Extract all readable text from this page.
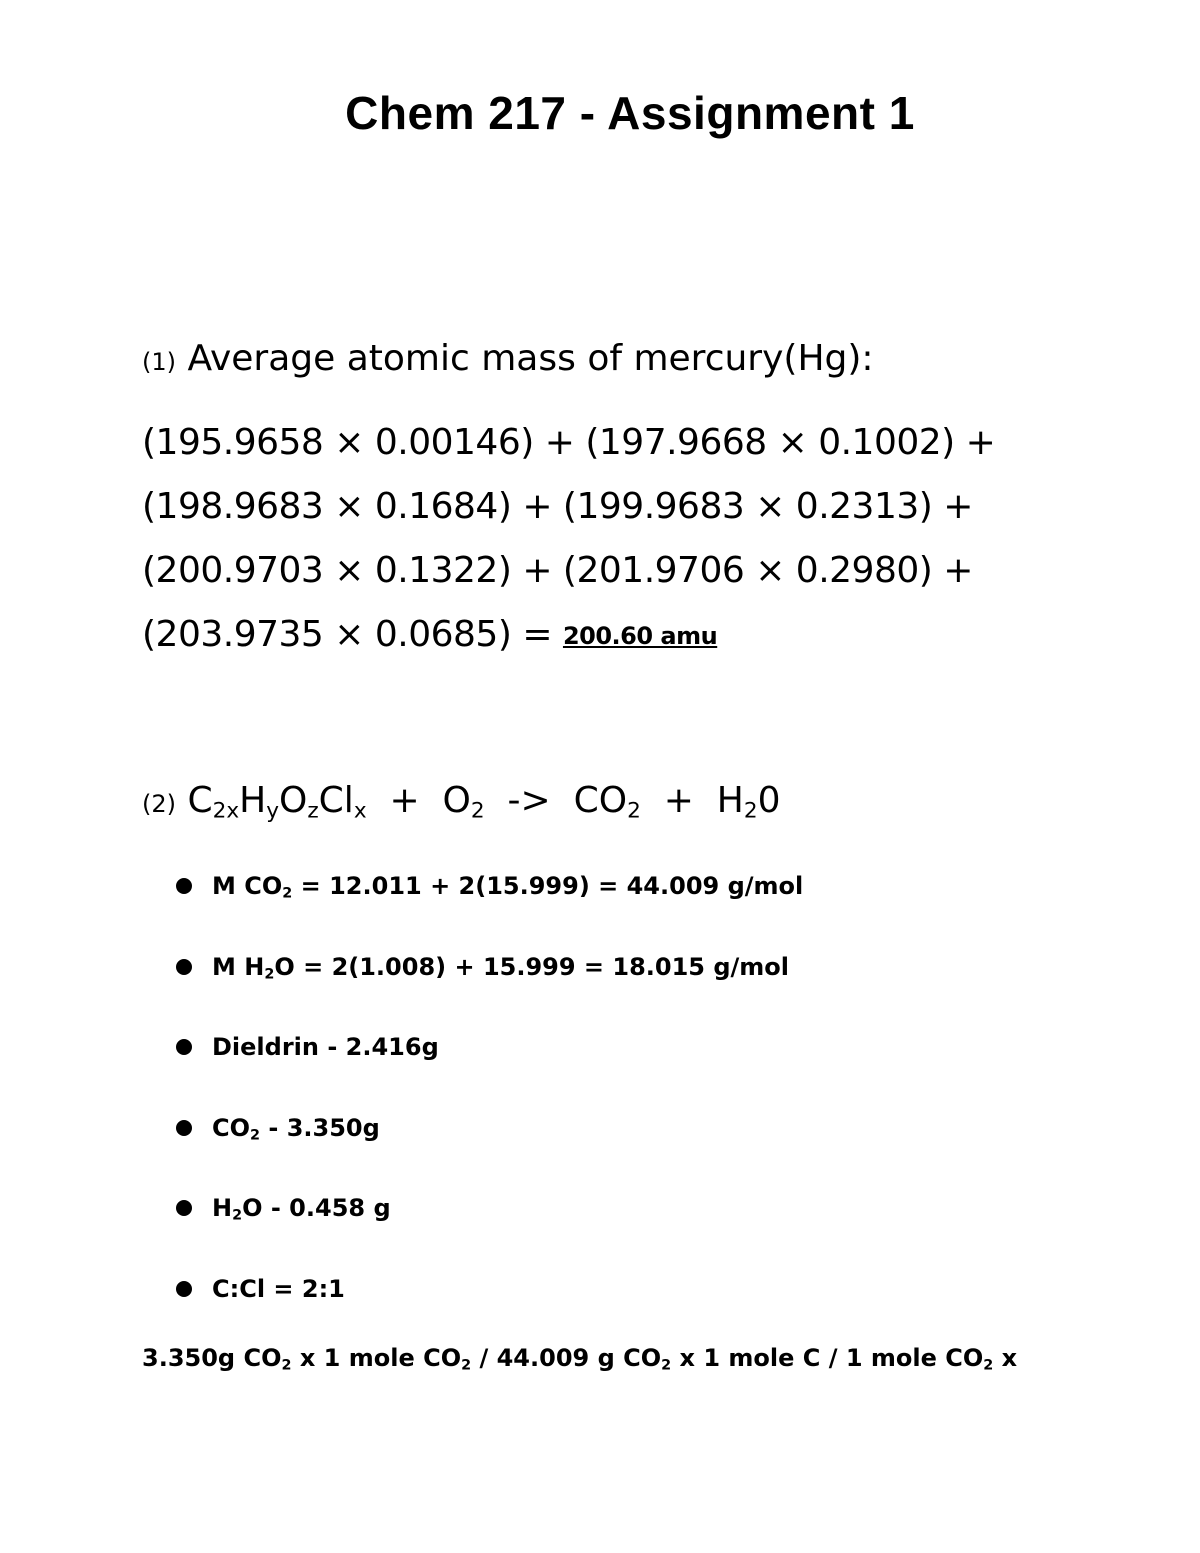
Chem 217 - Assignment 1
(1) Average atomic mass of mercury(Hg):
(195.9658 × 0.00146) + (197.9668 × 0.1002) +
(198.9683 × 0.1684) + (199.9683 × 0.2313) +
(200.9703 × 0.1322) + (201.9706 × 0.2980) +
(203.9735 × 0.0685) = 200.60 amu
(2) $C_{2x}H_yO_zCl_x + O_2 -> CO_2 + H_20$
M $CO_2 = 12.011 + 2(15.999) = 44.009$ g/mol
M $H_2O = 2(1.008) + 15.999 = 18.015$ g/mol
Dieldrin - 2.416g
$CO_2 - 3.350g$
$H_2O - 0.458$ g
C:Cl = 2:1
3.350g $CO_2$ x 1 mole $CO_2 / 44.009$ g $CO_2$ x 1 mole C / 1 mole $CO_2$ x
